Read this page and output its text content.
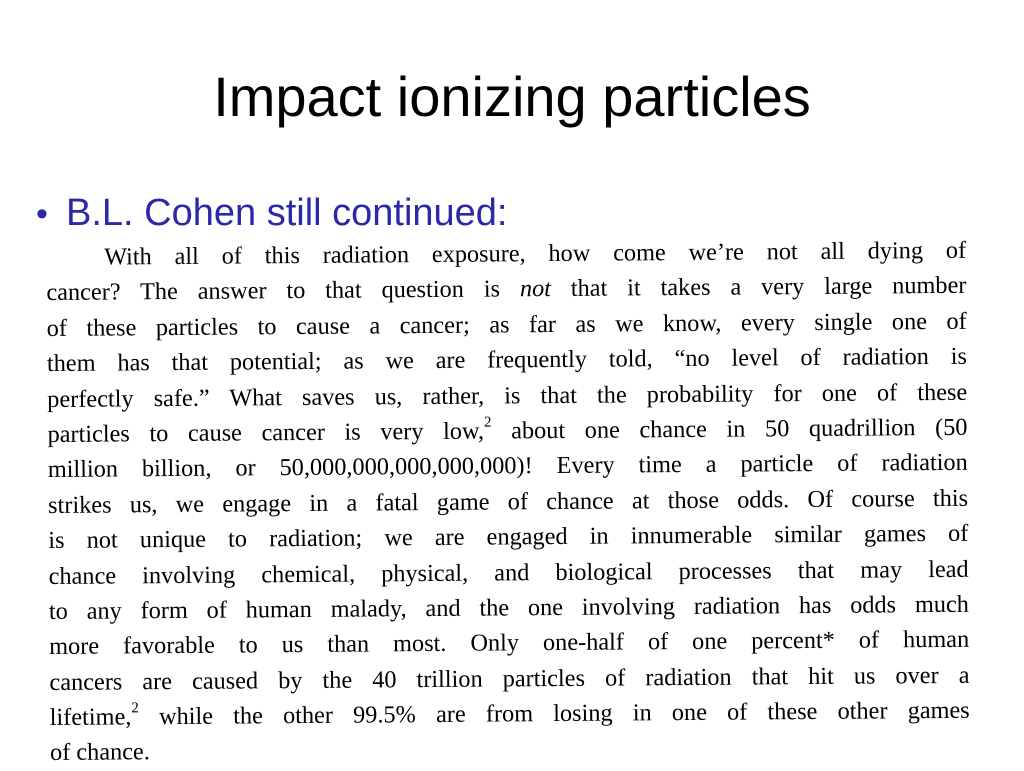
Impact ionizing particles
• B.L. Cohen still continued:
With all of this radiation exposure, how come we’re not all dying of
cancer? The answer to that question is not that it takes a very large number
of these particles to cause a cancer; as far as we know, every single one of
them has that potential; as we are frequently told, “no level of radiation is
perfectly safe.” What saves us, rather, is that the probability for one of these
particles to cause cancer is very low,$^2$ about one chance in 50 quadrillion (50
million billion, or 50,000,000,000,000,000)! Every time a particle of radiation
strikes us, we engage in a fatal game of chance at those odds. Of course this
is not unique to radiation; we are engaged in innumerable similar games of
chance involving chemical, physical, and biological processes that may lead
to any form of human malady, and the one involving radiation has odds much
more favorable to us than most. Only one-half of one percent* of human
cancers are caused by the 40 trillion particles of radiation that hit us over a
lifetime,$^2$ while the other 99.5% are from losing in one of these other games
of chance.
